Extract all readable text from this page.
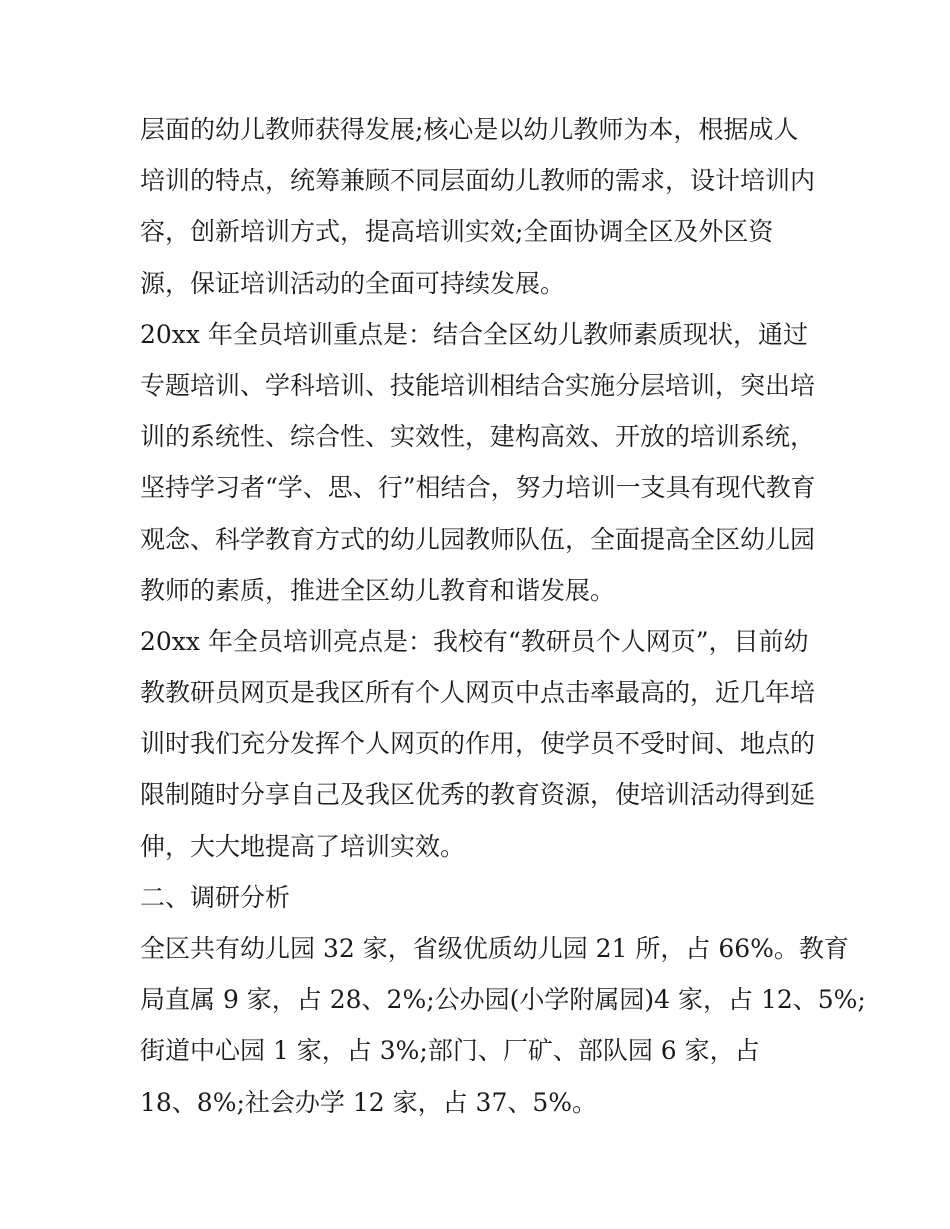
层面的幼儿教师获得发展;核心是以幼儿教师为本，根据成人
培训的特点，统筹兼顾不同层面幼儿教师的需求，设计培训内
容，创新培训方式，提高培训实效;全面协调全区及外区资
源，保证培训活动的全面可持续发展。
20xx 年全员培训重点是：结合全区幼儿教师素质现状，通过
专题培训、学科培训、技能培训相结合实施分层培训，突出培
训的系统性、综合性、实效性，建构高效、开放的培训系统，
坚持学习者“学、思、行”相结合，努力培训一支具有现代教育
观念、科学教育方式的幼儿园教师队伍，全面提高全区幼儿园
教师的素质，推进全区幼儿教育和谐发展。
20xx 年全员培训亮点是：我校有“教研员个人网页”，目前幼
教教研员网页是我区所有个人网页中点击率最高的，近几年培
训时我们充分发挥个人网页的作用，使学员不受时间、地点的
限制随时分享自己及我区优秀的教育资源，使培训活动得到延
伸，大大地提高了培训实效。
二、调研分析
全区共有幼儿园 32 家，省级优质幼儿园 21 所，占 66%。教育
局直属 9 家，占 28、2%;公办园(小学附属园)4 家，占 12、5%;
街道中心园 1 家，占 3%;部门、厂矿、部队园 6 家，占
18、8%;社会办学 12 家，占 37、5%。
